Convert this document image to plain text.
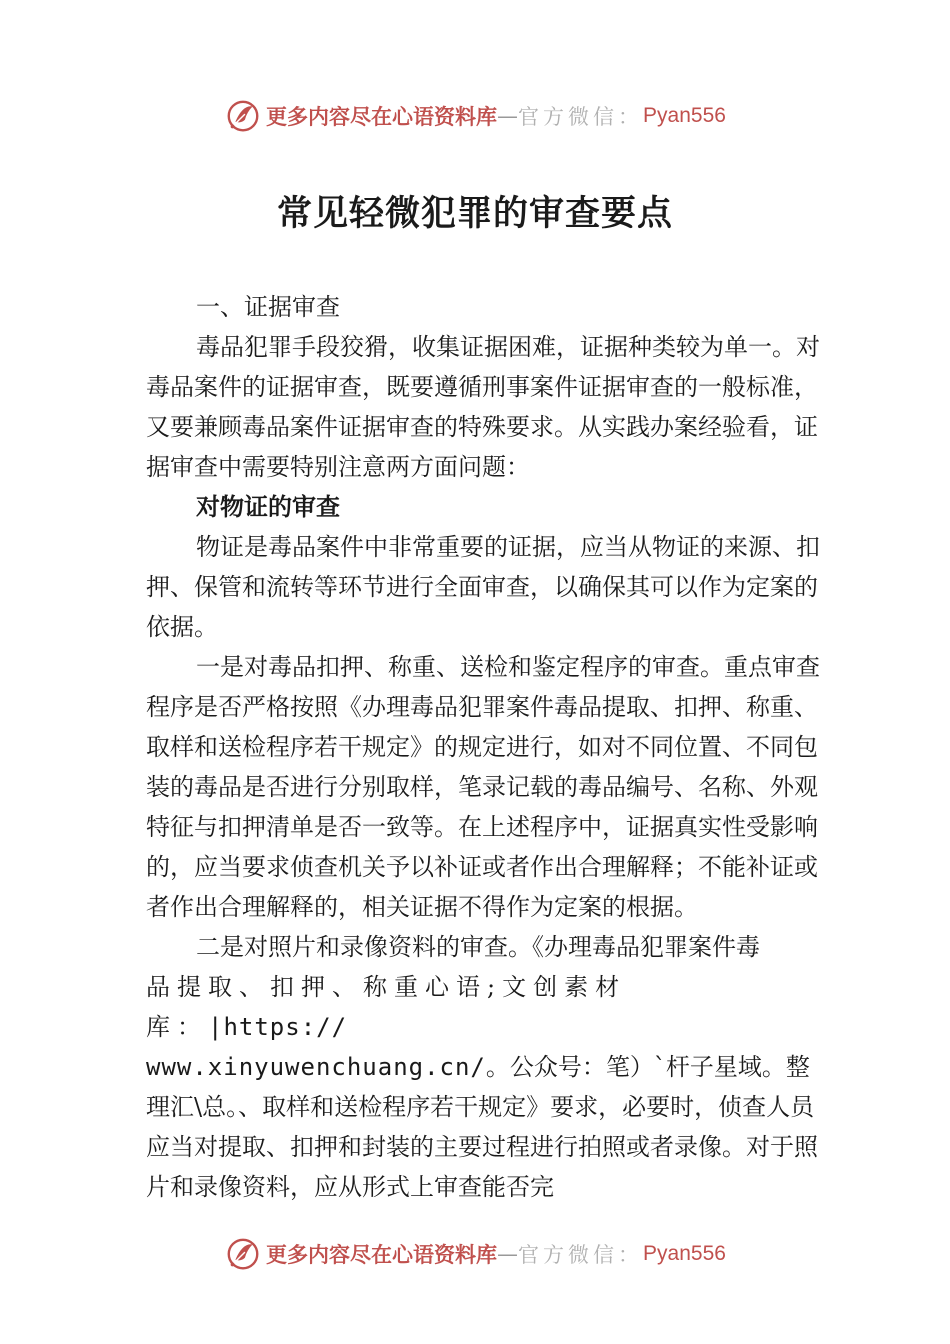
更多内容尽在心语资料库 — 官方微信： Pyan556
常见轻微犯罪的审查要点

一、证据审查

毒品犯罪手段狡猾，收集证据困难，证据种类较为单一。对毒品案件的证据审查，既要遵循刑事案件证据审查的一般标准，又要兼顾毒品案件证据审查的特殊要求。从实践办案经验看，证据审查中需要特别注意两方面问题：

对物证的审查

物证是毒品案件中非常重要的证据，应当从物证的来源、扣押、保管和流转等环节进行全面审查，以确保其可以作为定案的依据。

一是对毒品扣押、称重、送检和鉴定程序的审查。重点审查程序是否严格按照《办理毒品犯罪案件毒品提取、扣押、称重、取样和送检程序若干规定》的规定进行，如对不同位置、不同包装的毒品是否进行分别取样，笔录记载的毒品编号、名称、外观特征与扣押清单是否一致等。在上述程序中，证据真实性受影响的，应当要求侦查机关予以补证或者作出合理解释；不能补证或者作出合理解释的，相关证据不得作为定案的根据。

二是对照片和录像资料的审查。《办理毒品犯罪案件毒

品提取、扣押、称重心语;文创素材库：|https://

www.xinyuwenchuang.cn/。公众号：笔）`杆子星域。整理汇\总。、取样和送检程序若干规定》要求，必要时，侦查人员应当对提取、扣押和封装的主要过程进行拍照或者录像。对于照片和录像资料，应从形式上审查能否完

更多内容尽在心语资料库 — 官方微信： Pyan556
